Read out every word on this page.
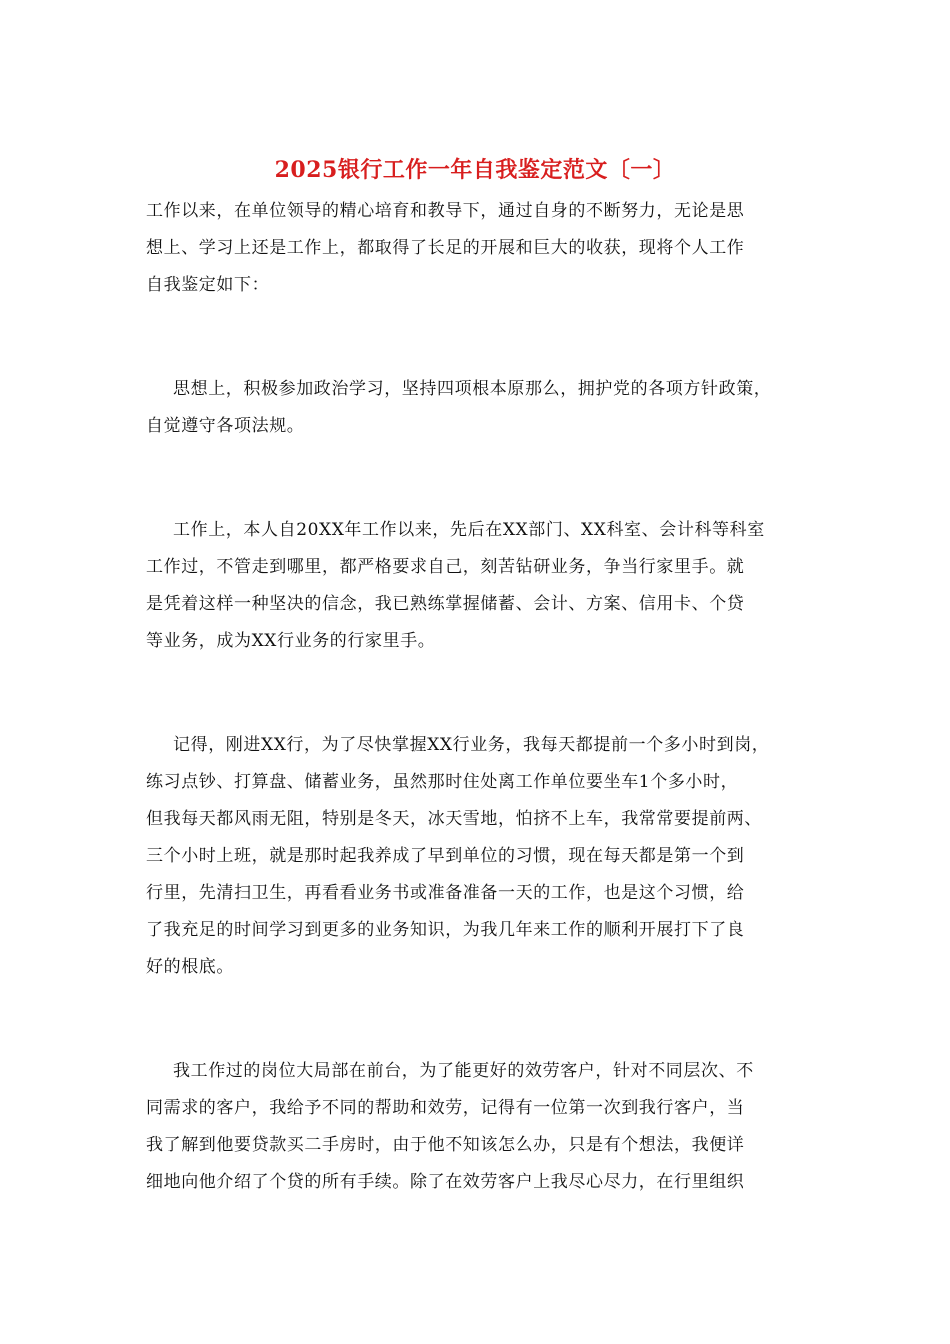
2025银行工作一年自我鉴定范文〔一〕
工作以来，在单位领导的精心培育和教导下，通过自身的不断努力，无论是思
想上、学习上还是工作上，都取得了长足的开展和巨大的收获，现将个人工作
自我鉴定如下：
思想上，积极参加政治学习，坚持四项根本原那么，拥护党的各项方针政策，
自觉遵守各项法规。
工作上，本人自20XX年工作以来，先后在XX部门、XX科室、会计科等科室
工作过，不管走到哪里，都严格要求自己，刻苦钻研业务，争当行家里手。就
是凭着这样一种坚决的信念，我已熟练掌握储蓄、会计、方案、信用卡、个贷
等业务，成为XX行业务的行家里手。
记得，刚进XX行，为了尽快掌握XX行业务，我每天都提前一个多小时到岗，
练习点钞、打算盘、储蓄业务，虽然那时住处离工作单位要坐车1个多小时，
但我每天都风雨无阻，特别是冬天，冰天雪地，怕挤不上车，我常常要提前两、
三个小时上班，就是那时起我养成了早到单位的习惯，现在每天都是第一个到
行里，先清扫卫生，再看看业务书或准备准备一天的工作，也是这个习惯，给
了我充足的时间学习到更多的业务知识，为我几年来工作的顺利开展打下了良
好的根底。
我工作过的岗位大局部在前台，为了能更好的效劳客户，针对不同层次、不
同需求的客户，我给予不同的帮助和效劳，记得有一位第一次到我行客户，当
我了解到他要贷款买二手房时，由于他不知该怎么办，只是有个想法，我便详
细地向他介绍了个贷的所有手续。除了在效劳客户上我尽心尽力，在行里组织
